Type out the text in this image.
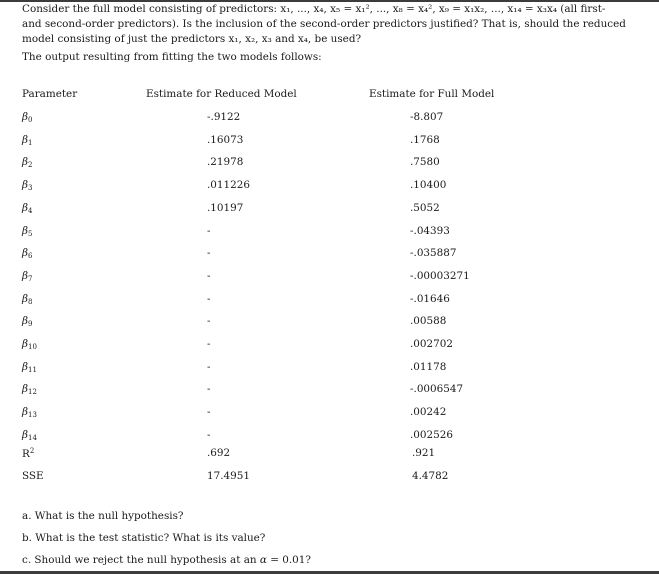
Consider the full model consisting of predictors: x₁, ..., x₄, x₅ = x₁², ..., x₈ = x₄², x₉ = x₁x₂, ..., x₁₄ = x₃x₄ (all first-

and second-order predictors). Is the inclusion of the second-order predictors justified? That is, should the reduced

model consisting of just the predictors x₁, x₂, x₃ and x₄, be used?

The output resulting from fitting the two models follows:
Parameter	Estimate for Reduced Model	Estimate for Full Model
$\beta_0$	-.9122	-8.807
$\beta_1$	.16073	.1768
$\beta_2$	.21978	.7580
$\beta_3$	.011226	.10400
$\beta_4$	.10197	.5052
$\beta_5$	-	-.04393
$\beta_6$	-	-.035887
$\beta_7$	-	-.00003271
$\beta_8$	-	-.01646
$\beta_9$	-	.00588
$\beta_{10}$	-	.002702
$\beta_{11}$	-	.01178
$\beta_{12}$	-	-.0006547
$\beta_{13}$	-	.00242
$\beta_{14}$	-	.002526
$R^2$	.692	.921
SSE	17.4951	4.4782
a. What is the null hypothesis?
b. What is the test statistic? What is its value?
c. Should we reject the null hypothesis at an α = 0.01?
